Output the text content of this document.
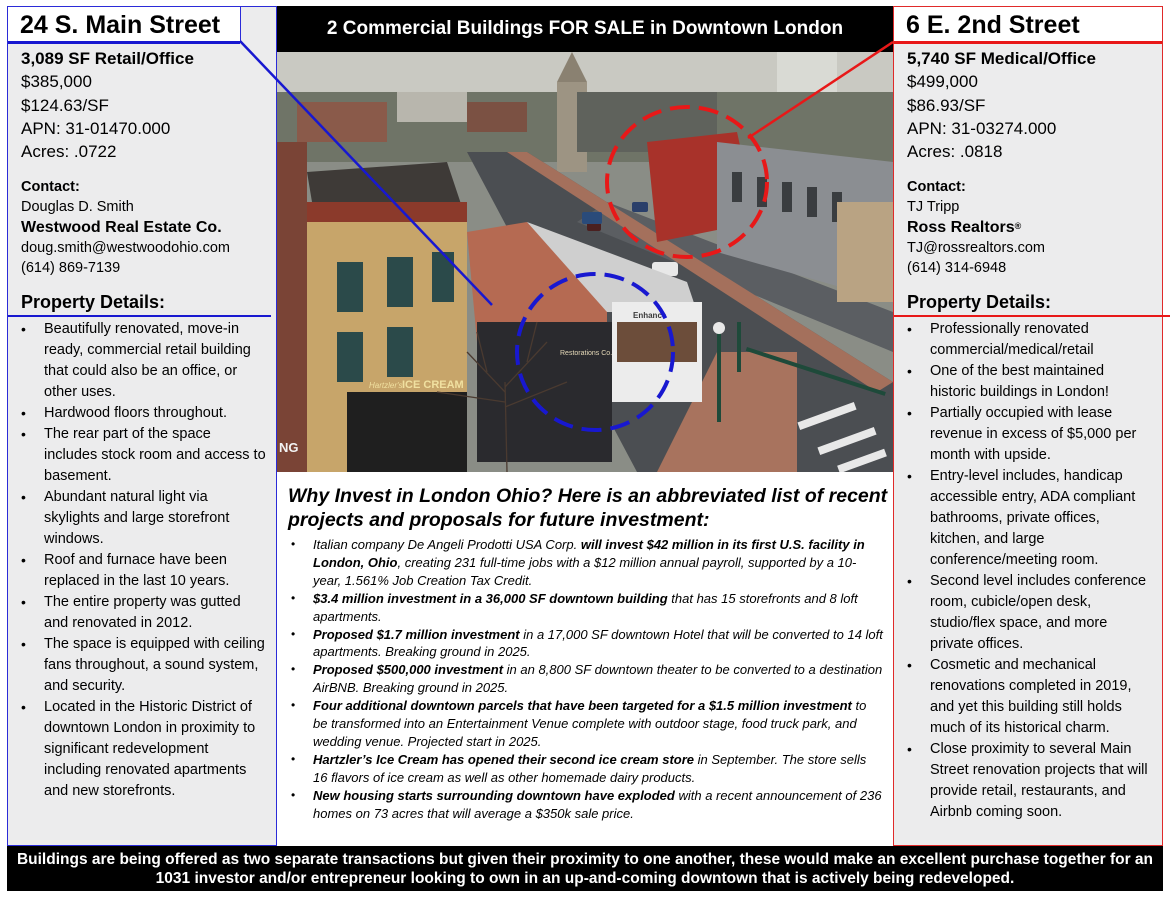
24 S. Main Street
3,089 SF Retail/Office
$385,000
$124.63/SF
APN: 31-01470.000
Acres: .0722
Contact:
Douglas D. Smith
Westwood Real Estate Co.
doug.smith@westwoodohio.com
(614) 869-7139
Property Details:
• Beautifully renovated, move-in ready, commercial retail building that could also be an office, or other uses.
• Hardwood floors throughout.
• The rear part of the space includes stock room and access to basement.
• Abundant natural light via skylights and large storefront windows.
• Roof and furnace have been replaced in the last 10 years.
• The entire property was gutted and renovated in 2012.
• The space is equipped with ceiling fans throughout, a sound system, and security.
• Located in the Historic District of downtown London in proximity to significant redevelopment including renovated apartments and new storefronts.
6 E. 2nd Street
5,740 SF Medical/Office
$499,000
$86.93/SF
APN: 31-03274.000
Acres: .0818
Contact:
TJ Tripp
Ross Realtors®
TJ@rossrealtors.com
(614) 314-6948
Property Details:
• Professionally renovated commercial/medical/retail
• One of the best maintained historic buildings in London!
• Partially occupied with lease revenue in excess of $5,000 per month with upside.
• Entry-level includes, handicap accessible entry, ADA compliant bathrooms, private offices, kitchen, and large conference/meeting room.
• Second level includes conference room, cubicle/open desk, studio/flex space, and more private offices.
• Cosmetic and mechanical renovations completed in 2019, and yet this building still holds much of its historical charm.
• Close proximity to several Main Street renovation projects that will provide retail, restaurants, and Airbnb coming soon.
2 Commercial Buildings FOR SALE in Downtown London
Hartzler's ICE CREAM
NG
Restorations Co.
Enhance
Why Invest in London Ohio? Here is an abbreviated list of recent projects and proposals for future investment:
• Italian company De Angeli Prodotti USA Corp. will invest $42 million in its first U.S. facility in London, Ohio, creating 231 full-time jobs with a $12 million annual payroll, supported by a 10-year, 1.561% Job Creation Tax Credit.
• $3.4 million investment in a 36,000 SF downtown building that has 15 storefronts and 8 loft apartments.
• Proposed $1.7 million investment in a 17,000 SF downtown Hotel that will be converted to 14 loft apartments. Breaking ground in 2025.
• Proposed $500,000 investment in an 8,800 SF downtown theater to be converted to a destination AirBNB. Breaking ground in 2025.
• Four additional downtown parcels that have been targeted for a $1.5 million investment to be transformed into an Entertainment Venue complete with outdoor stage, food truck park, and wedding venue. Projected start in 2025.
• Hartzler’s Ice Cream has opened their second ice cream store in September. The store sells 16 flavors of ice cream as well as other homemade dairy products.
• New housing starts surrounding downtown have exploded with a recent announcement of 236 homes on 73 acres that will average a $350k sale price.
Buildings are being offered as two separate transactions but given their proximity to one another, these would make an excellent purchase together for an 1031 investor and/or entrepreneur looking to own in an up-and-coming downtown that is actively being redeveloped.
